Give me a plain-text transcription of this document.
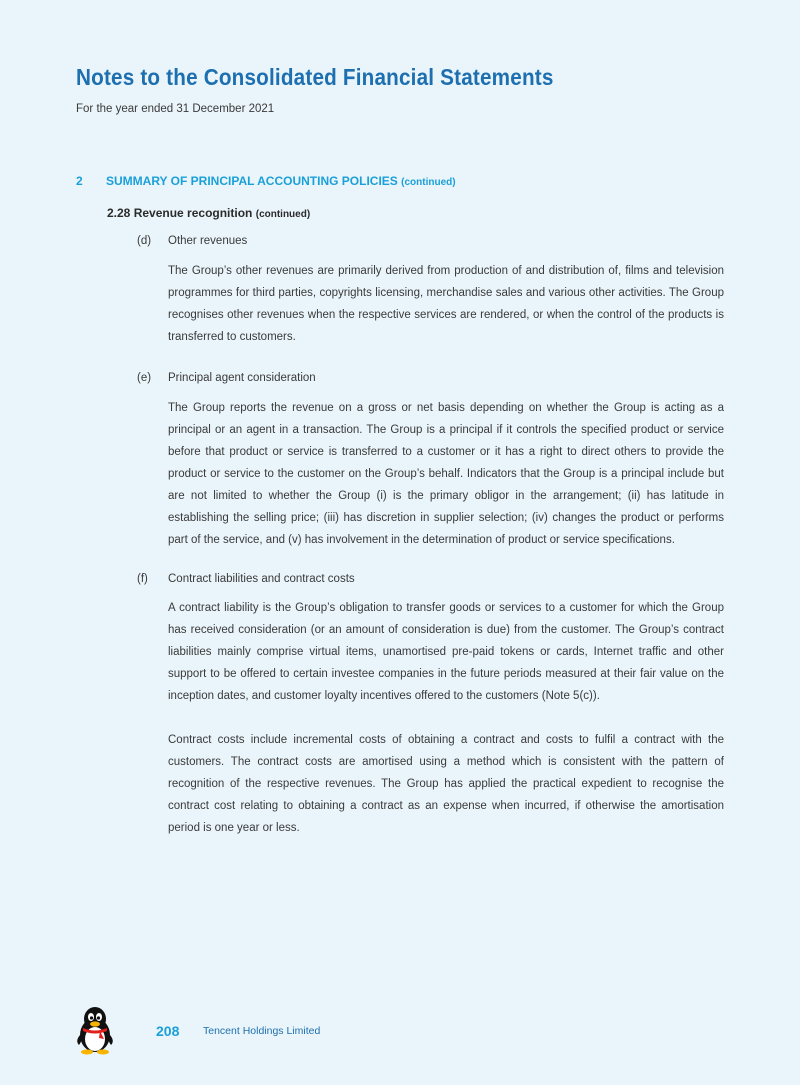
Notes to the Consolidated Financial Statements
For the year ended 31 December 2021
2 SUMMARY OF PRINCIPAL ACCOUNTING POLICIES (continued)
2.28 Revenue recognition (continued)
(d) Other revenues

The Group’s other revenues are primarily derived from production of and distribution of, films and television programmes for third parties, copyrights licensing, merchandise sales and various other activities. The Group recognises other revenues when the respective services are rendered, or when the control of the products is transferred to customers.

(e) Principal agent consideration

The Group reports the revenue on a gross or net basis depending on whether the Group is acting as a principal or an agent in a transaction. The Group is a principal if it controls the specified product or service before that product or service is transferred to a customer or it has a right to direct others to provide the product or service to the customer on the Group’s behalf. Indicators that the Group is a principal include but are not limited to whether the Group (i) is the primary obligor in the arrangement; (ii) has latitude in establishing the selling price; (iii) has discretion in supplier selection; (iv) changes the product or performs part of the service, and (v) has involvement in the determination of product or service specifications.

(f) Contract liabilities and contract costs

A contract liability is the Group’s obligation to transfer goods or services to a customer for which the Group has received consideration (or an amount of consideration is due) from the customer. The Group’s contract liabilities mainly comprise virtual items, unamortised pre-paid tokens or cards, Internet traffic and other support to be offered to certain investee companies in the future periods measured at their fair value on the inception dates, and customer loyalty incentives offered to the customers (Note 5(c)).

Contract costs include incremental costs of obtaining a contract and costs to fulfil a contract with the customers. The contract costs are amortised using a method which is consistent with the pattern of recognition of the respective revenues. The Group has applied the practical expedient to recognise the contract cost relating to obtaining a contract as an expense when incurred, if otherwise the amortisation period is one year or less.

208 Tencent Holdings Limited
